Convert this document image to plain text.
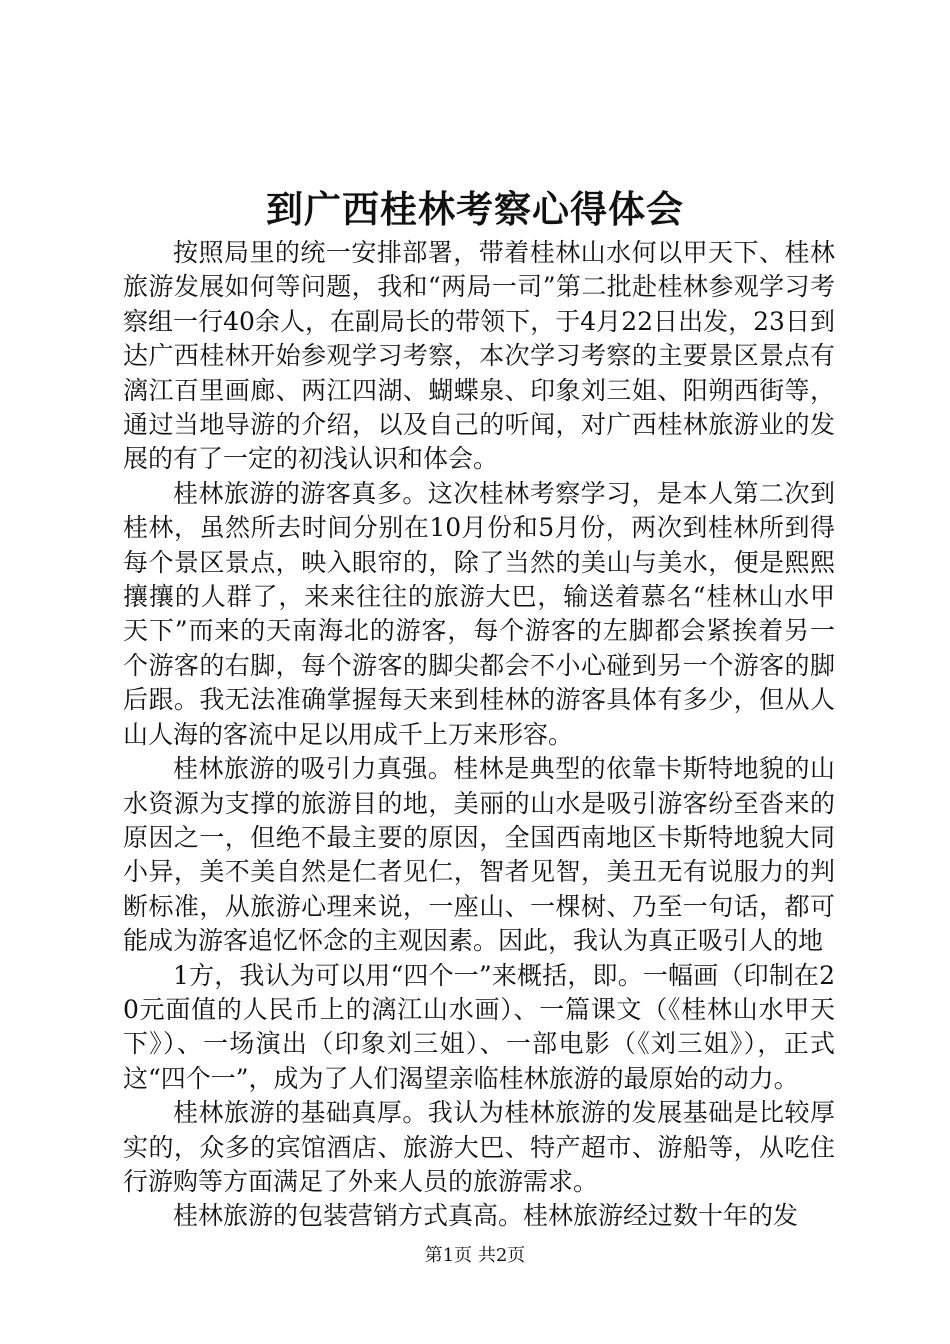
到广西桂林考察心得体会

按照局里的统一安排部署，带着桂林山水何以甲天下、桂林旅游发展如何等问题，我和“两局一司”第二批赴桂林参观学习考察组一行40余人，在副局长的带领下，于4月22日出发，23日到达广西桂林开始参观学习考察，本次学习考察的主要景区景点有漓江百里画廊、两江四湖、蝴蝶泉、印象刘三姐、阳朔西街等，通过当地导游的介绍，以及自己的听闻，对广西桂林旅游业的发展的有了一定的初浅认识和体会。

桂林旅游的游客真多。这次桂林考察学习，是本人第二次到桂林，虽然所去时间分别在10月份和5月份，两次到桂林所到得每个景区景点，映入眼帘的，除了当然的美山与美水，便是熙熙攘攘的人群了，来来往往的旅游大巴，输送着慕名“桂林山水甲天下”而来的天南海北的游客，每个游客的左脚都会紧挨着另一个游客的右脚，每个游客的脚尖都会不小心碰到另一个游客的脚后跟。我无法准确掌握每天来到桂林的游客具体有多少，但从人山人海的客流中足以用成千上万来形容。

桂林旅游的吸引力真强。桂林是典型的依靠卡斯特地貌的山水资源为支撑的旅游目的地，美丽的山水是吸引游客纷至沓来的原因之一，但绝不最主要的原因，全国西南地区卡斯特地貌大同小异，美不美自然是仁者见仁，智者见智，美丑无有说服力的判断标准，从旅游心理来说，一座山、一棵树、乃至一句话，都可能成为游客追忆怀念的主观因素。因此，我认为真正吸引人的地

1方，我认为可以用“四个一”来概括，即。一幅画（印制在20元面值的人民币上的漓江山水画）、一篇课文（《桂林山水甲天下》）、一场演出（印象刘三姐）、一部电影（《刘三姐》），正式这“四个一”，成为了人们渴望亲临桂林旅游的最原始的动力。

桂林旅游的基础真厚。我认为桂林旅游的发展基础是比较厚实的，众多的宾馆酒店、旅游大巴、特产超市、游船等，从吃住行游购等方面满足了外来人员的旅游需求。

桂林旅游的包装营销方式真高。桂林旅游经过数十年的发

第1页 共2页
